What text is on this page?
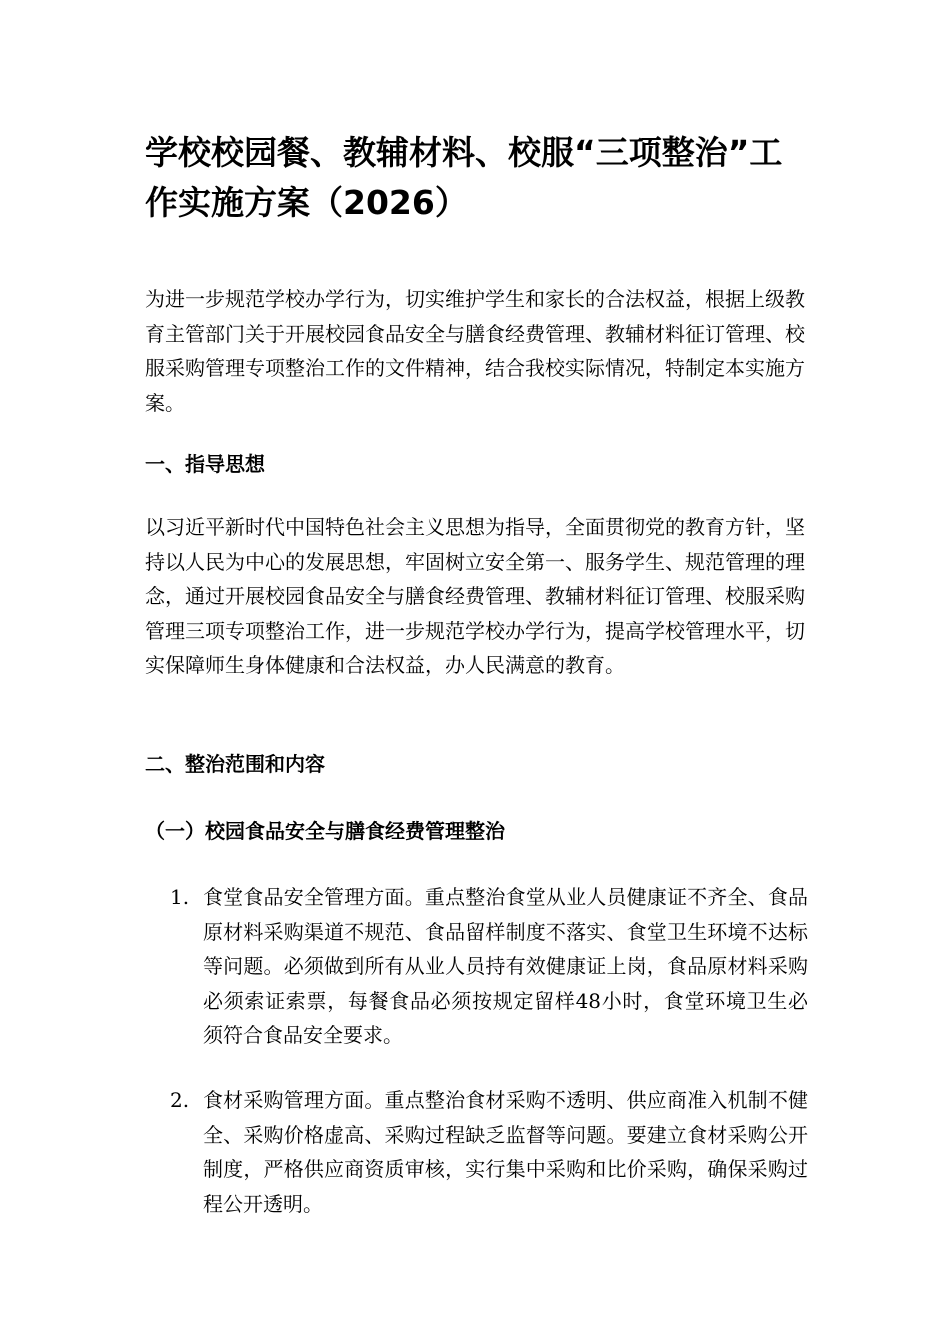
学校校园餐、教辅材料、校服“三项整治”工作实施方案（2026）

为进一步规范学校办学行为，切实维护学生和家长的合法权益，根据上级教育主管部门关于开展校园食品安全与膳食经费管理、教辅材料征订管理、校服采购管理专项整治工作的文件精神，结合我校实际情况，特制定本实施方案。

一、指导思想

以习近平新时代中国特色社会主义思想为指导，全面贯彻党的教育方针，坚持以人民为中心的发展思想，牢固树立安全第一、服务学生、规范管理的理念，通过开展校园食品安全与膳食经费管理、教辅材料征订管理、校服采购管理三项专项整治工作，进一步规范学校办学行为，提高学校管理水平，切实保障师生身体健康和合法权益，办人民满意的教育。

二、整治范围和内容
（一）校园食品安全与膳食经费管理整治
1. 食堂食品安全管理方面。重点整治食堂从业人员健康证不齐全、食品原材料采购渠道不规范、食品留样制度不落实、食堂卫生环境不达标等问题。必须做到所有从业人员持有效健康证上岗，食品原材料采购必须索证索票，每餐食品必须按规定留样48小时，食堂环境卫生必须符合食品安全要求。

2. 食材采购管理方面。重点整治食材采购不透明、供应商准入机制不健全、采购价格虚高、采购过程缺乏监督等问题。要建立食材采购公开制度，严格供应商资质审核，实行集中采购和比价采购，确保采购过程公开透明。
